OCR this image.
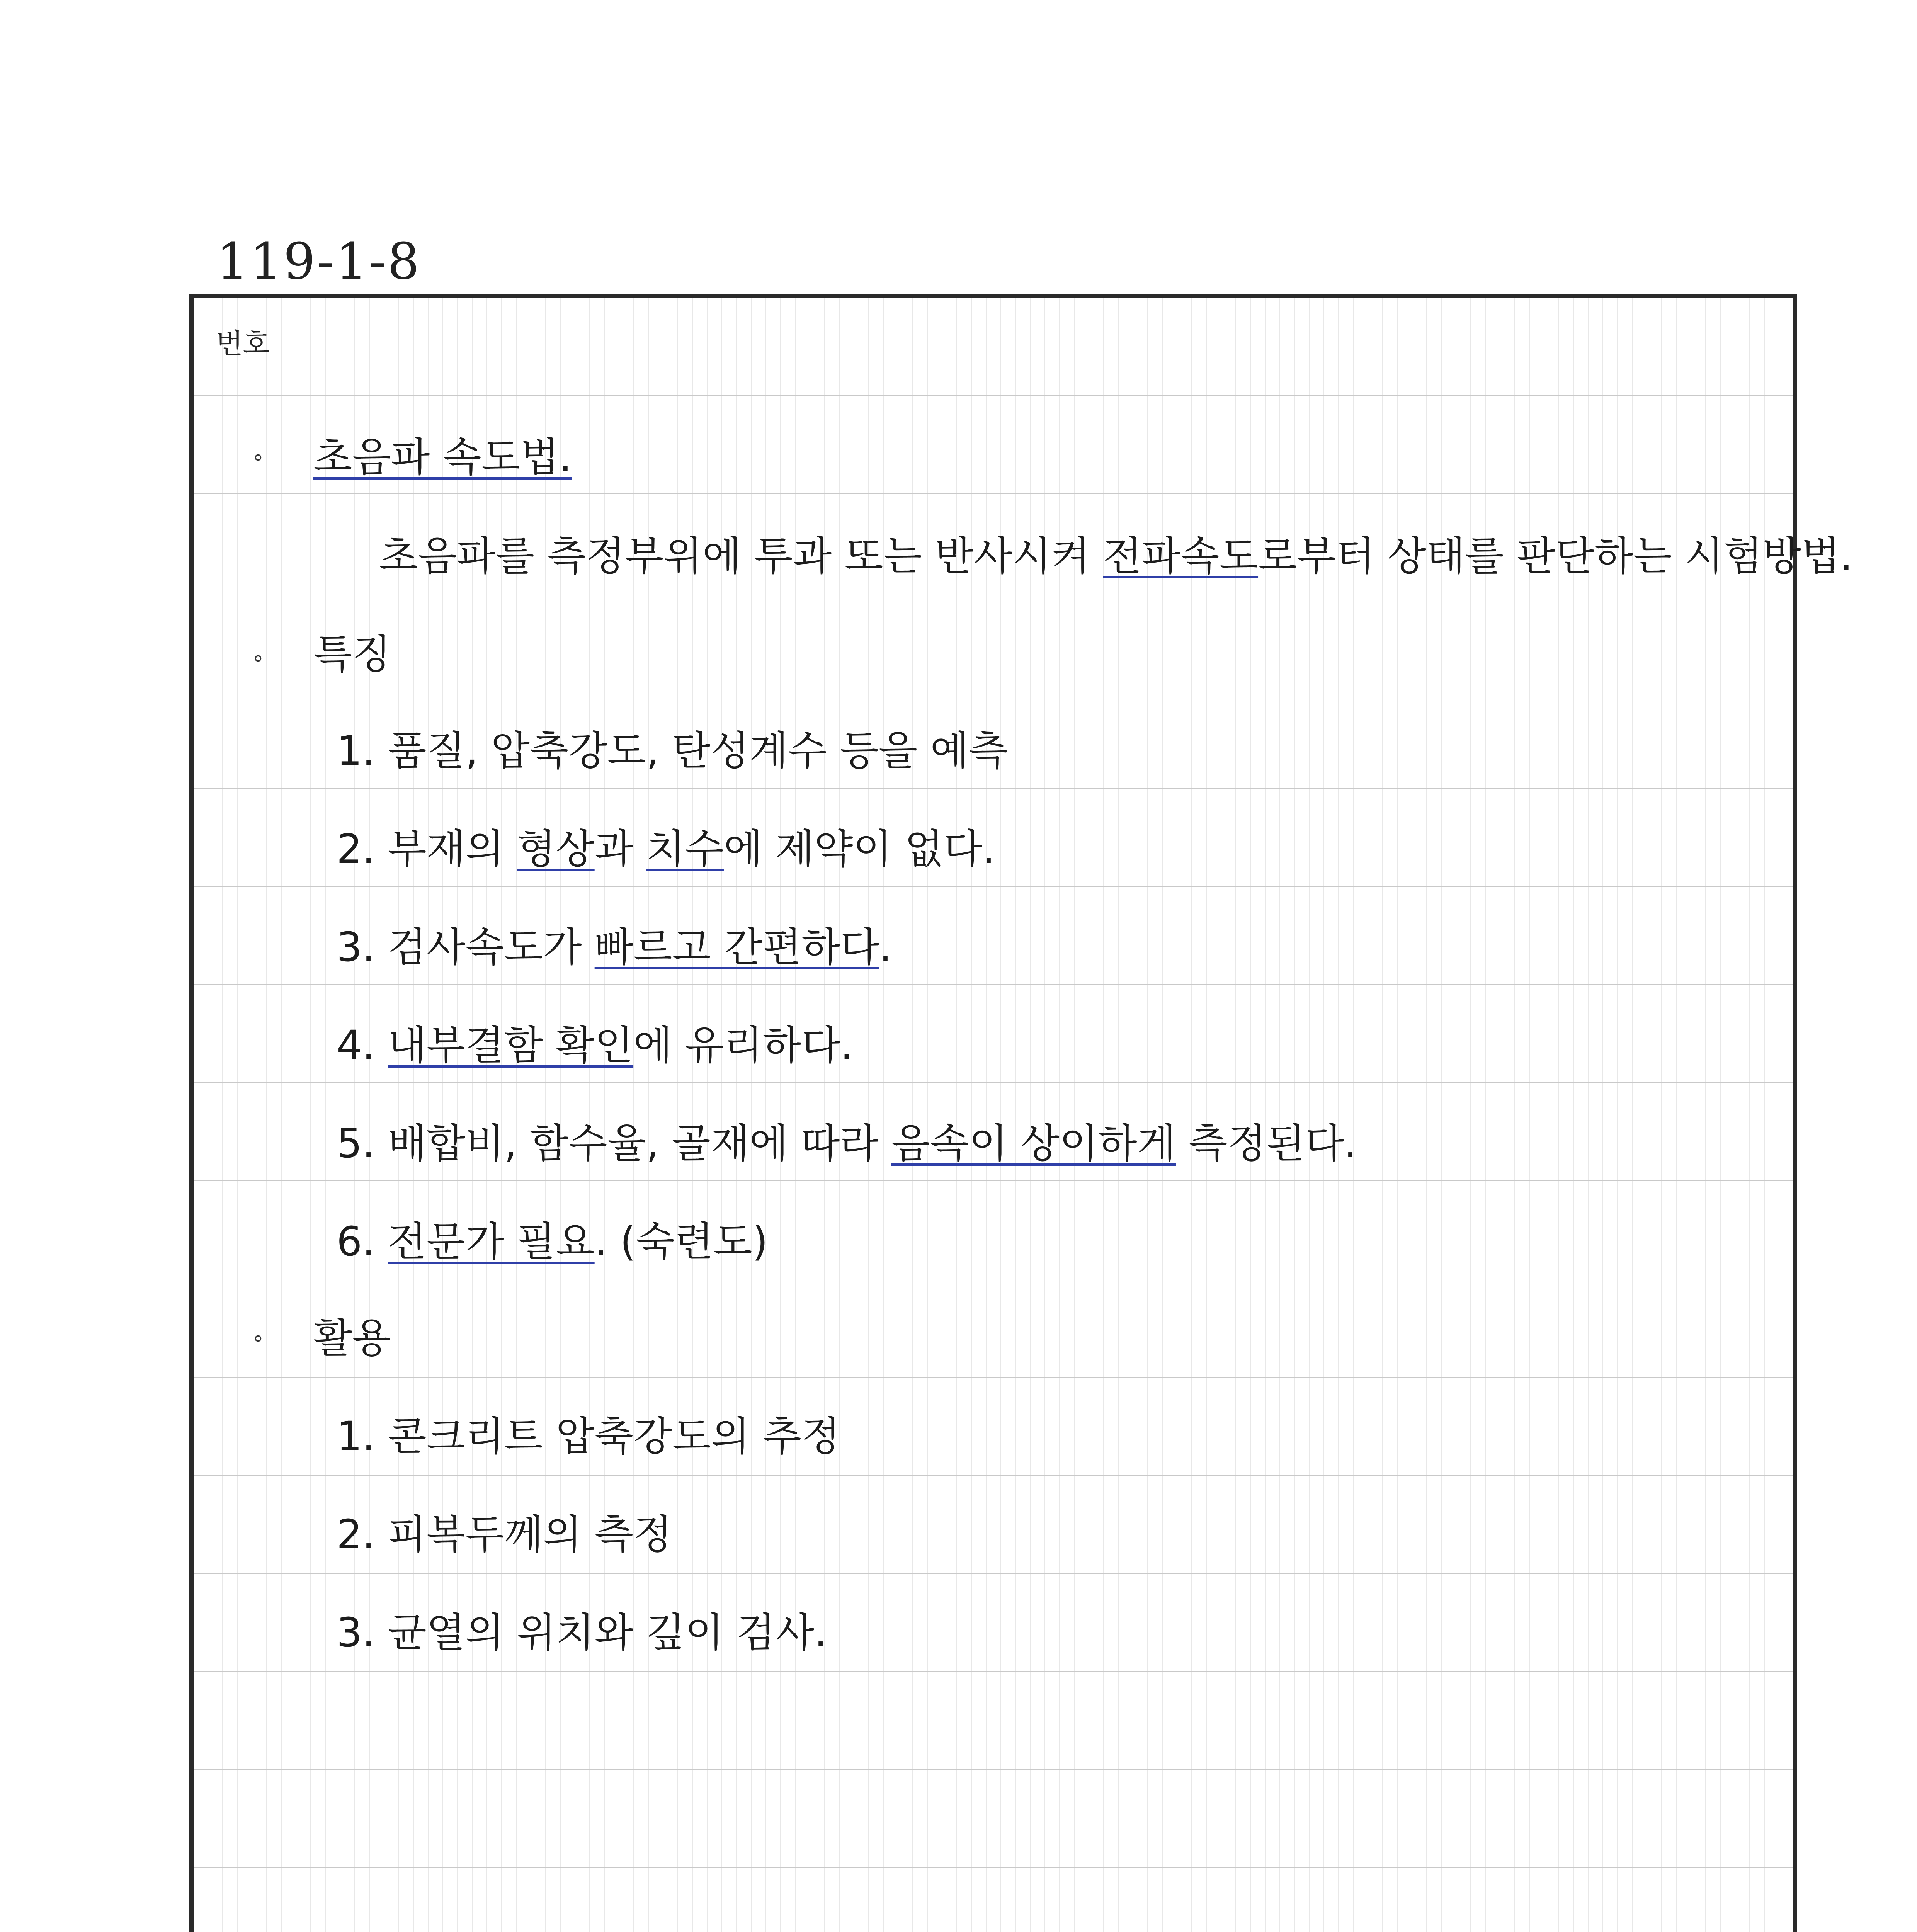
119-1-8
번호
∘ 초음파 속도법.
초음파를 측정부위에 투과 또는 반사시켜 전파속도로부터 상태를 판단하는 시험방법.
∘ 특징
1. 품질, 압축강도, 탄성계수 등을 예측
2. 부재의 형상과 치수에 제약이 없다.
3. 검사속도가 빠르고 간편하다.
4. 내부결함 확인에 유리하다.
5. 배합비, 함수율, 골재에 따라 음속이 상이하게 측정된다.
6. 전문가 필요. (숙련도)
∘ 활용
1. 콘크리트 압축강도의 추정
2. 피복두께의 측정
3. 균열의 위치와 깊이 검사.
